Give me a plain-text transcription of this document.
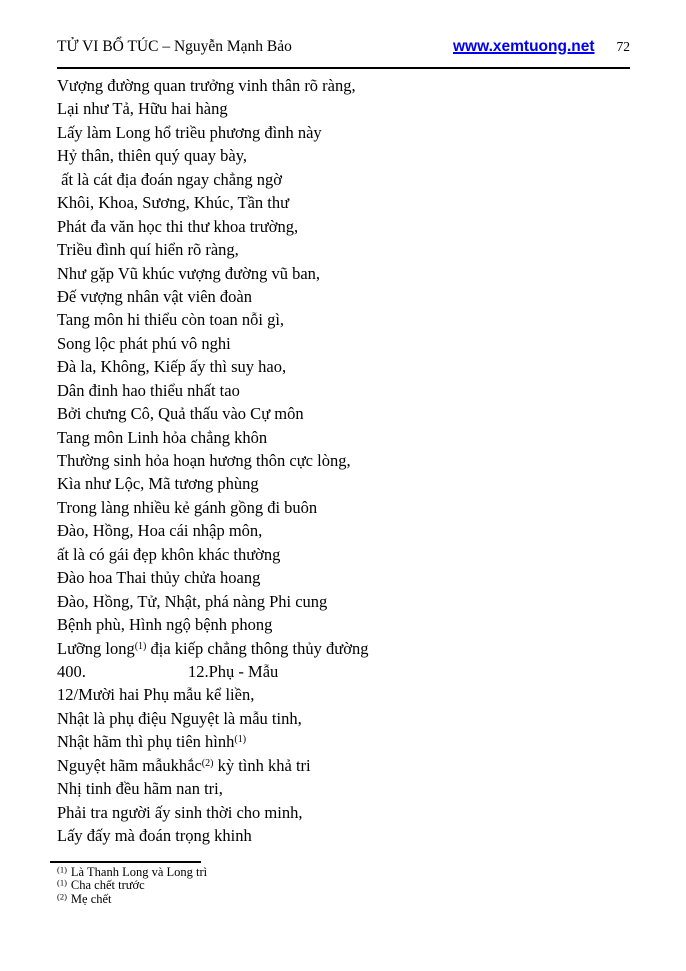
TỬ VI BỔ TÚC – Nguyễn Mạnh Bảo	www.xemtuong.net 72
Vượng đường quan trưởng vinh thân rõ ràng,
Lại như Tả, Hữu hai hàng
Lấy làm Long hổ triều phương đình này
Hỷ thân, thiên quý quay bày,
ất là cát địa đoán ngay chẳng ngờ
Khôi, Khoa, Sương, Khúc, Tần thư
Phát đa văn học thi thư khoa trường,
Triều đình quí hiển rõ ràng,
Như gặp Vũ khúc vượng đường vũ ban,
Đế vượng nhân vật viên đoàn
Tang môn hi thiểu còn toan nỗi gì,
Song lộc phát phú vô nghi
Đà la, Không, Kiếp ấy thì suy hao,
Dân đinh hao thiểu nhất tao
Bởi chưng Cô, Quả thấu vào Cự môn
Tang môn Linh hỏa chẳng khôn
Thường sinh hỏa hoạn hương thôn cực lòng,
Kìa như Lộc, Mã tương phùng
Trong làng nhiều kẻ gánh gồng đi buôn
Đào, Hồng, Hoa cái nhập môn,
ất là có gái đẹp khôn khác thường
Đào hoa Thai thủy chửa hoang
Đào, Hồng, Tử, Nhật, phá nàng Phi cung
Bệnh phù, Hình ngộ bệnh phong
Lưỡng long$^{(1)}$ địa kiếp chẳng thông thủy đường
400.	12.Phụ - Mẫu
12/Mười hai Phụ mẫu kể liền,
Nhật là phụ điệu Nguyệt là mẫu tinh,
Nhật hãm thì phụ tiên hình$^{(1)}$
Nguyệt hãm mẫukhắc$^{(2)}$ kỳ tình khả tri
Nhị tinh đều hãm nan tri,
Phải tra người ấy sinh thời cho minh,
Lấy đấy mà đoán trọng khinh
$^{(1)}$ Là Thanh Long và Long trì
$^{(1)}$ Cha chết trước
$^{(2)}$ Mẹ chết
